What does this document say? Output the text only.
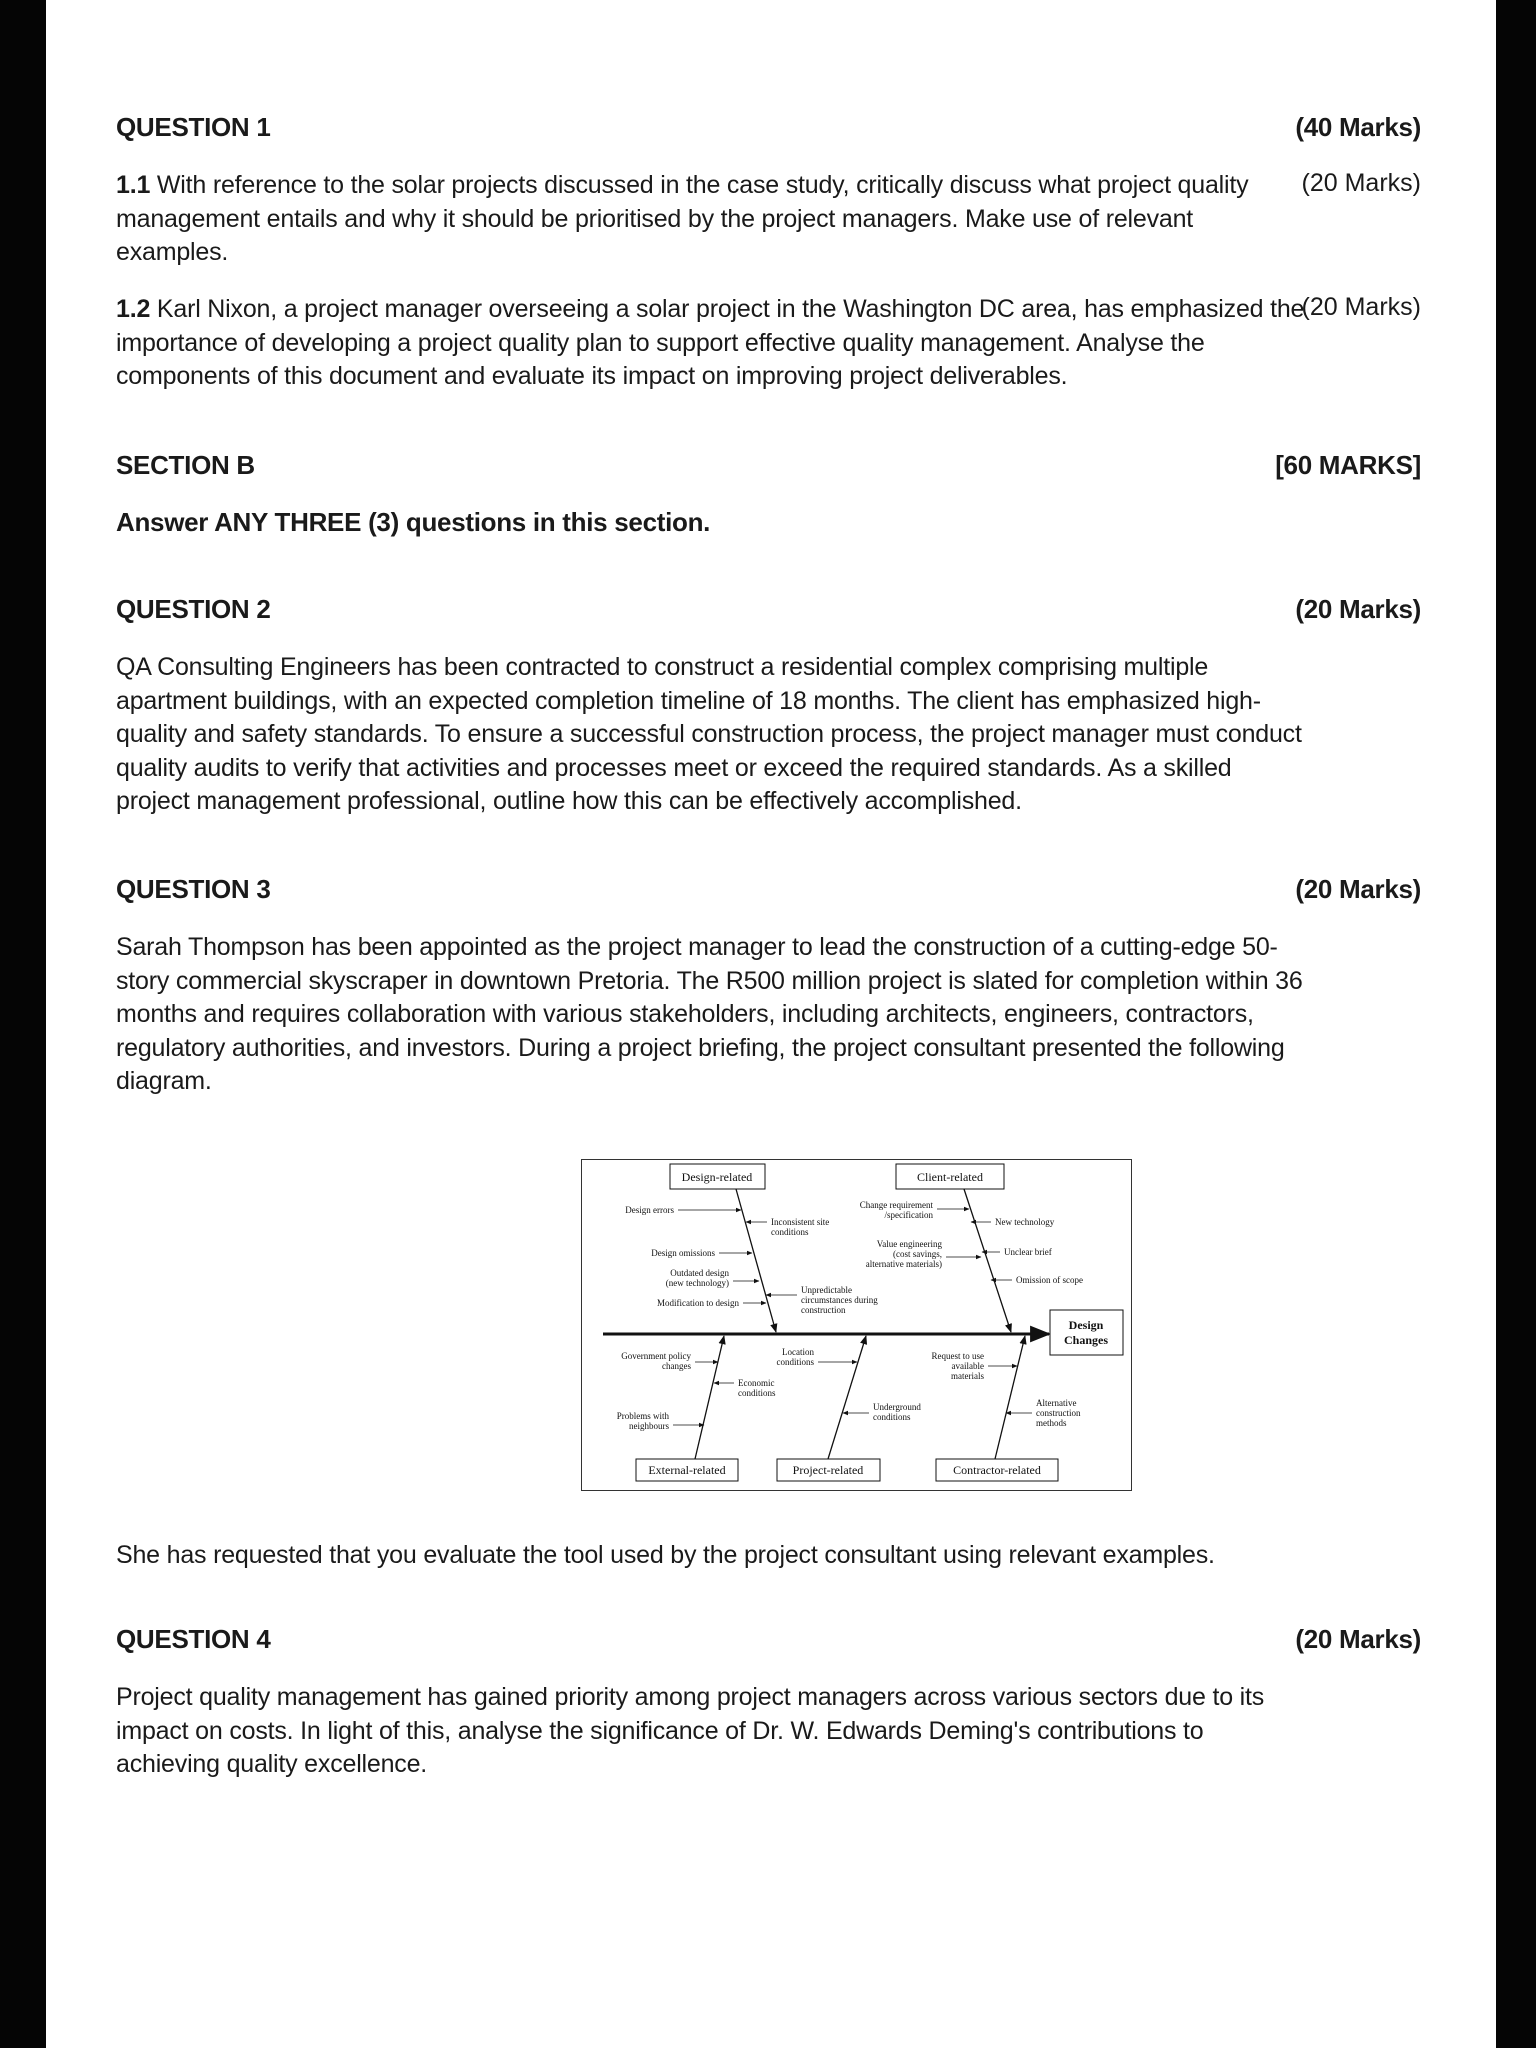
QUESTION 1	(40 Marks)
1.1 With reference to the solar projects discussed in the case study, critically discuss what project quality management entails and why it should be prioritised by the project managers. Make use of relevant examples.
(20 Marks)
1.2 Karl Nixon, a project manager overseeing a solar project in the Washington DC area, has emphasized the importance of developing a project quality plan to support effective quality management. Analyse the components of this document and evaluate its impact on improving project deliverables.
(20 Marks)
SECTION B	[60 MARKS]
Answer ANY THREE (3) questions in this section.
QUESTION 2	(20 Marks)
QA Consulting Engineers has been contracted to construct a residential complex comprising multiple apartment buildings, with an expected completion timeline of 18 months. The client has emphasized high-quality and safety standards. To ensure a successful construction process, the project manager must conduct quality audits to verify that activities and processes meet or exceed the required standards. As a skilled project management professional, outline how this can be effectively accomplished.
QUESTION 3	(20 Marks)
Sarah Thompson has been appointed as the project manager to lead the construction of a cutting-edge 50-story commercial skyscraper in downtown Pretoria. The R500 million project is slated for completion within 36 months and requires collaboration with various stakeholders, including architects, engineers, contractors, regulatory authorities, and investors. During a project briefing, the project consultant presented the following diagram.
Design
Changes
Design-related	Client-related
External-related	Project-related	Contractor-related
Design errors
Design omissions
Outdated design
(new technology)
Modification to design
Inconsistent site
conditions
Unpredictable
circumstances during
construction
Change requirement
/specification
Value engineering
(cost savings,
alternative materials)
New technology
Unclear brief
Omission of scope
Government policy
changes
Economic
conditions
Problems with
neighbours
Location
conditions
Underground
conditions
Request to use
available
materials
Alternative
construction
methods
She has requested that you evaluate the tool used by the project consultant using relevant examples.
QUESTION 4	(20 Marks)
Project quality management has gained priority among project managers across various sectors due to its impact on costs. In light of this, analyse the significance of Dr. W. Edwards Deming's contributions to achieving quality excellence.
